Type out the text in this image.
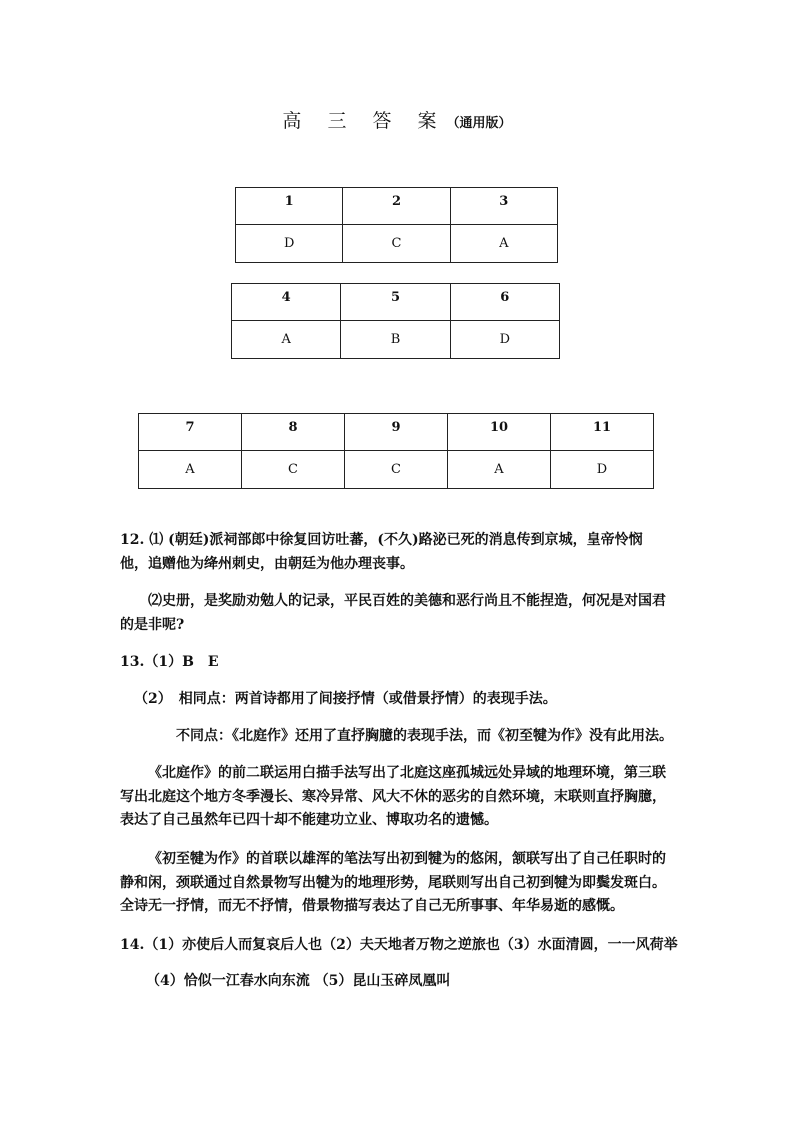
高 三 答 案（通用版）
1	2	3
D	C	A
4	5	6
A	B	D
7	8	9	10	11
A	C	C	A	D
12. ⑴ (朝廷)派祠部郎中徐复回访吐蕃，(不久)路泌已死的消息传到京城，皇帝怜悯他，追赠他为绛州刺史，由朝廷为他办理丧事。
⑵史册，是奖励劝勉人的记录，平民百姓的美德和恶行尚且不能捏造，何况是对国君的是非呢?
13.（1）B　E
（2）　相同点：两首诗都用了间接抒情（或借景抒情）的表现手法。
不同点：《北庭作》还用了直抒胸臆的表现手法，而《初至犍为作》没有此用法。
《北庭作》的前二联运用白描手法写出了北庭这座孤城远处异域的地理环境，第三联写出北庭这个地方冬季漫长、寒冷异常、风大不休的恶劣的自然环境，末联则直抒胸臆，表达了自己虽然年已四十却不能建功立业、博取功名的遗憾。
《初至犍为作》的首联以雄浑的笔法写出初到犍为的悠闲，颔联写出了自己任职时的静和闲，颈联通过自然景物写出犍为的地理形势，尾联则写出自己初到犍为即鬓发斑白。全诗无一抒情，而无不抒情，借景物描写表达了自己无所事事、年华易逝的感慨。
14.（1）亦使后人而复哀后人也（2）夫天地者万物之逆旅也（3）水面清圆，一一风荷举
（4）恰似一江春水向东流 （5）昆山玉碎凤凰叫
